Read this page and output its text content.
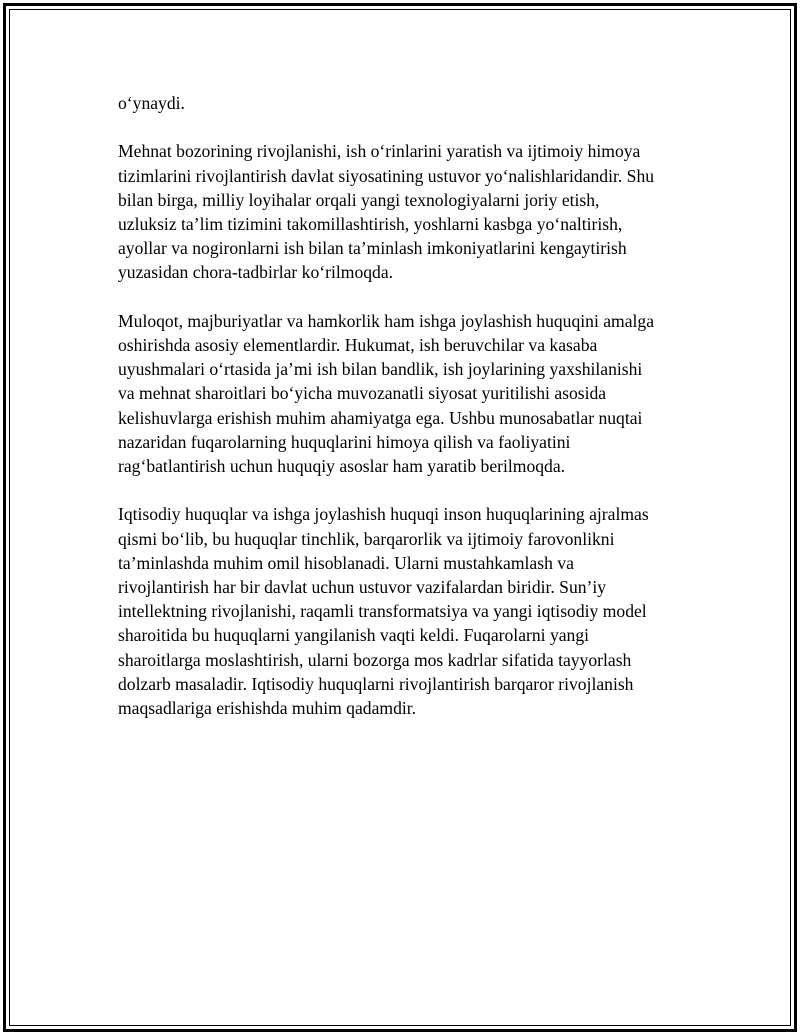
o‘ynaydi.

Mehnat bozorining rivojlanishi, ish o‘rinlarini yaratish va ijtimoiy himoya
tizimlarini rivojlantirish davlat siyosatining ustuvor yo‘nalishlaridandir. Shu
bilan birga, milliy loyihalar orqali yangi texnologiyalarni joriy etish,
uzluksiz ta’lim tizimini takomillashtirish, yoshlarni kasbga yo‘naltirish,
ayollar va nogironlarni ish bilan ta’minlash imkoniyatlarini kengaytirish
yuzasidan chora-tadbirlar ko‘rilmoqda.

Muloqot, majburiyatlar va hamkorlik ham ishga joylashish huquqini amalga
oshirishda asosiy elementlardir. Hukumat, ish beruvchilar va kasaba
uyushmalari o‘rtasida ja’mi ish bilan bandlik, ish joylarining yaxshilanishi
va mehnat sharoitlari bo‘yicha muvozanatli siyosat yuritilishi asosida
kelishuvlarga erishish muhim ahamiyatga ega. Ushbu munosabatlar nuqtai
nazaridan fuqarolarning huquqlarini himoya qilish va faoliyatini
rag‘batlantirish uchun huquqiy asoslar ham yaratib berilmoqda.

Iqtisodiy huquqlar va ishga joylashish huquqi inson huquqlarining ajralmas
qismi bo‘lib, bu huquqlar tinchlik, barqarorlik va ijtimoiy farovonlikni
ta’minlashda muhim omil hisoblanadi. Ularni mustahkamlash va
rivojlantirish har bir davlat uchun ustuvor vazifalardan biridir. Sun’iy
intellektning rivojlanishi, raqamli transformatsiya va yangi iqtisodiy model
sharoitida bu huquqlarni yangilanish vaqti keldi. Fuqarolarni yangi
sharoitlarga moslashtirish, ularni bozorga mos kadrlar sifatida tayyorlash
dolzarb masaladir. Iqtisodiy huquqlarni rivojlantirish barqaror rivojlanish
maqsadlariga erishishda muhim qadamdir.
